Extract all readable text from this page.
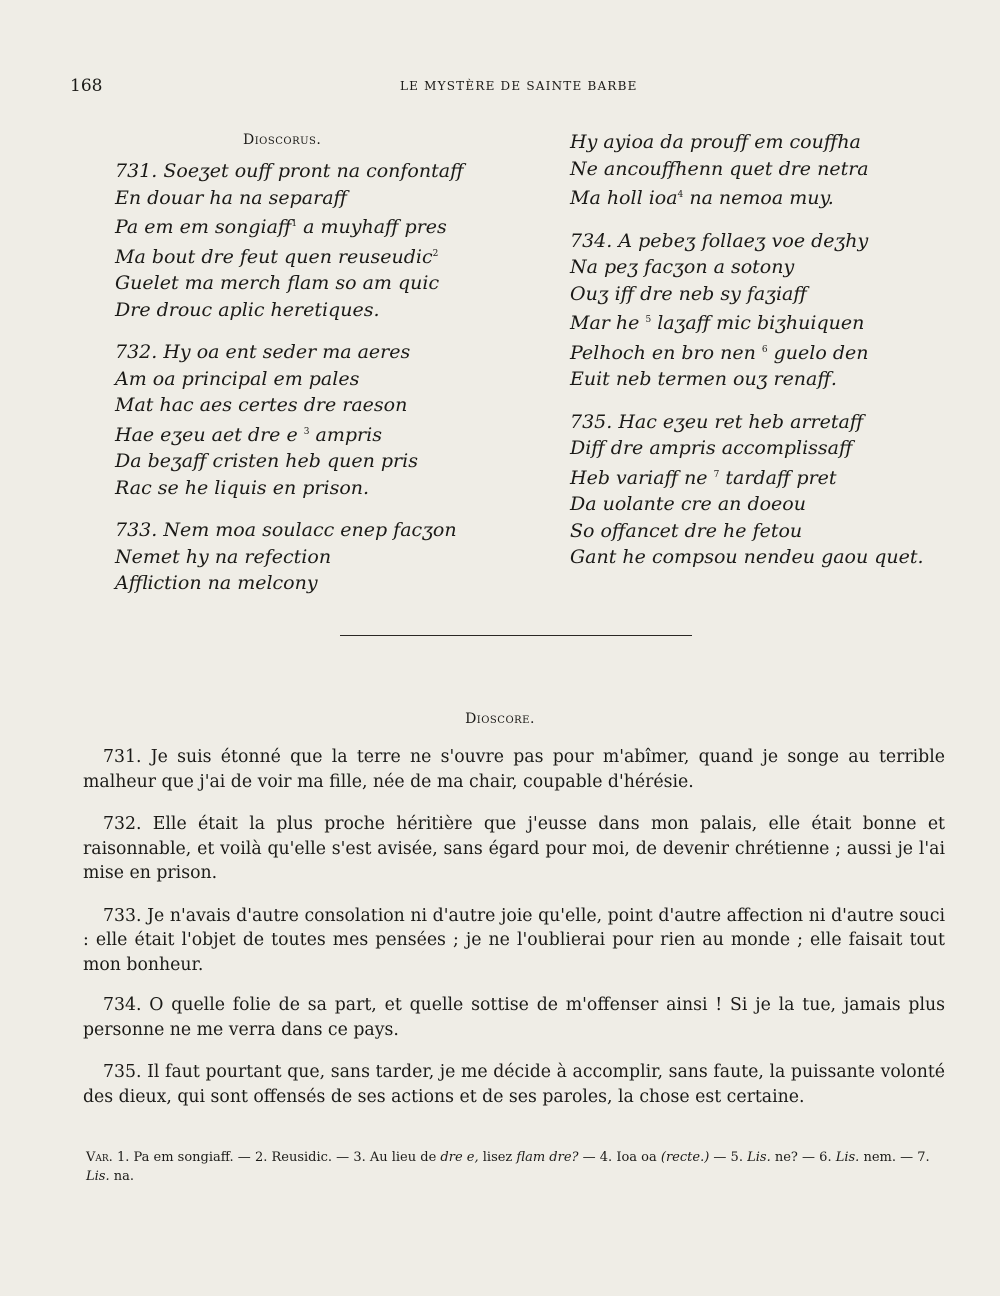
168	LE MYSTÈRE DE SAINTE BARBE
Dioscorus.
731. Soeʒet ouff pront na confontaff
En douar ha na separaff
Pa em em songiaff$^1$ a muyhaff pres
Ma bout dre feut quen reuseudic$^2$
Guelet ma merch flam so am quic
Dre drouc aplic heretiques.
732. Hy oa ent seder ma aeres
Am oa principal em pales
Mat hac aes certes dre raeson
Hae eʒeu aet dre e $^3$ ampris
Da beʒaff cristen heb quen pris
Rac se he liquis en prison.
733. Nem moa soulacc enep facʒon
Nemet hy na refection
Affliction na melcony
Hy ayioa da prouff em couffha
Ne ancouffhenn quet dre netra
Ma holl ioa$^4$ na nemoa muy.
734. A pebeʒ follaeʒ voe deʒhy
Na peʒ facʒon a sotony
Ouʒ iff dre neb sy faʒiaff
Mar he $^5$ laʒaff mic biʒhuiquen
Pelhoch en bro nen $^6$ guelo den
Euit neb termen ouʒ renaff.
735. Hac eʒeu ret heb arretaff
Diff dre ampris accomplissaff
Heb variaff ne $^7$ tardaff pret
Da uolante cre an doeou
So offancet dre he fetou
Gant he compsou nendeu gaou quet.
Dioscore.

731. Je suis étonné que la terre ne s'ouvre pas pour m'abîmer, quand je songe au terrible malheur que j'ai de voir ma fille, née de ma chair, coupable d'hérésie.

732. Elle était la plus proche héritière que j'eusse dans mon palais, elle était bonne et raisonnable, et voilà qu'elle s'est avisée, sans égard pour moi, de devenir chrétienne ; aussi je l'ai mise en prison.

733. Je n'avais d'autre consolation ni d'autre joie qu'elle, point d'autre affection ni d'autre souci : elle était l'objet de toutes mes pensées ; je ne l'oublierai pour rien au monde ; elle faisait tout mon bonheur.

734. O quelle folie de sa part, et quelle sottise de m'offenser ainsi ! Si je la tue, jamais plus personne ne me verra dans ce pays.

735. Il faut pourtant que, sans tarder, je me décide à accomplir, sans faute, la puissante volonté des dieux, qui sont offensés de ses actions et de ses paroles, la chose est certaine.

Var. 1. Pa em songiaff. — 2. Reusidic. — 3. Au lieu de dre e, lisez flam dre? — 4. Ioa oa (recte.) — 5. Lis. ne? — 6. Lis. nem. — 7. Lis. na.
